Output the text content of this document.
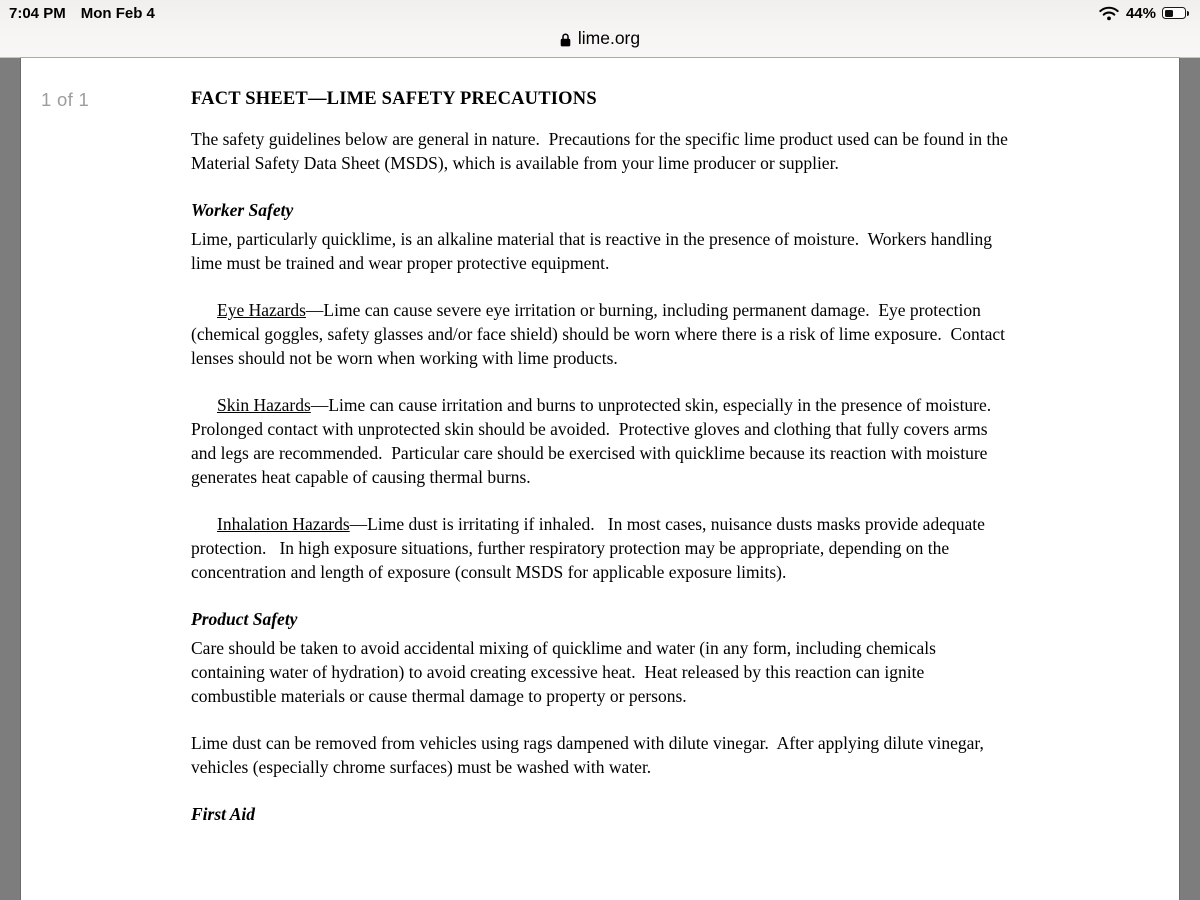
7:04 PM Mon Feb 4	44%
lime.org
1 of 1	FACT SHEET—LIME SAFETY PRECAUTIONS

The safety guidelines below are general in nature.  Precautions for the specific lime product used can be found in the Material Safety Data Sheet (MSDS), which is available from your lime producer or supplier.

Worker Safety

Lime, particularly quicklime, is an alkaline material that is reactive in the presence of moisture.  Workers handling lime must be trained and wear proper protective equipment.

Eye Hazards—Lime can cause severe eye irritation or burning, including permanent damage.  Eye protection (chemical goggles, safety glasses and/or face shield) should be worn where there is a risk of lime exposure.  Contact lenses should not be worn when working with lime products.

Skin Hazards—Lime can cause irritation and burns to unprotected skin, especially in the presence of moisture.  Prolonged contact with unprotected skin should be avoided.  Protective gloves and clothing that fully covers arms and legs are recommended.  Particular care should be exercised with quicklime because its reaction with moisture generates heat capable of causing thermal burns.

Inhalation Hazards—Lime dust is irritating if inhaled.   In most cases, nuisance dusts masks provide adequate protection.   In high exposure situations, further respiratory protection may be appropriate, depending on the concentration and length of exposure (consult MSDS for applicable exposure limits).

Product Safety

Care should be taken to avoid accidental mixing of quicklime and water (in any form, including chemicals containing water of hydration) to avoid creating excessive heat.  Heat released by this reaction can ignite combustible materials or cause thermal damage to property or persons.

Lime dust can be removed from vehicles using rags dampened with dilute vinegar.  After applying dilute vinegar, vehicles (especially chrome surfaces) must be washed with water.

First Aid
